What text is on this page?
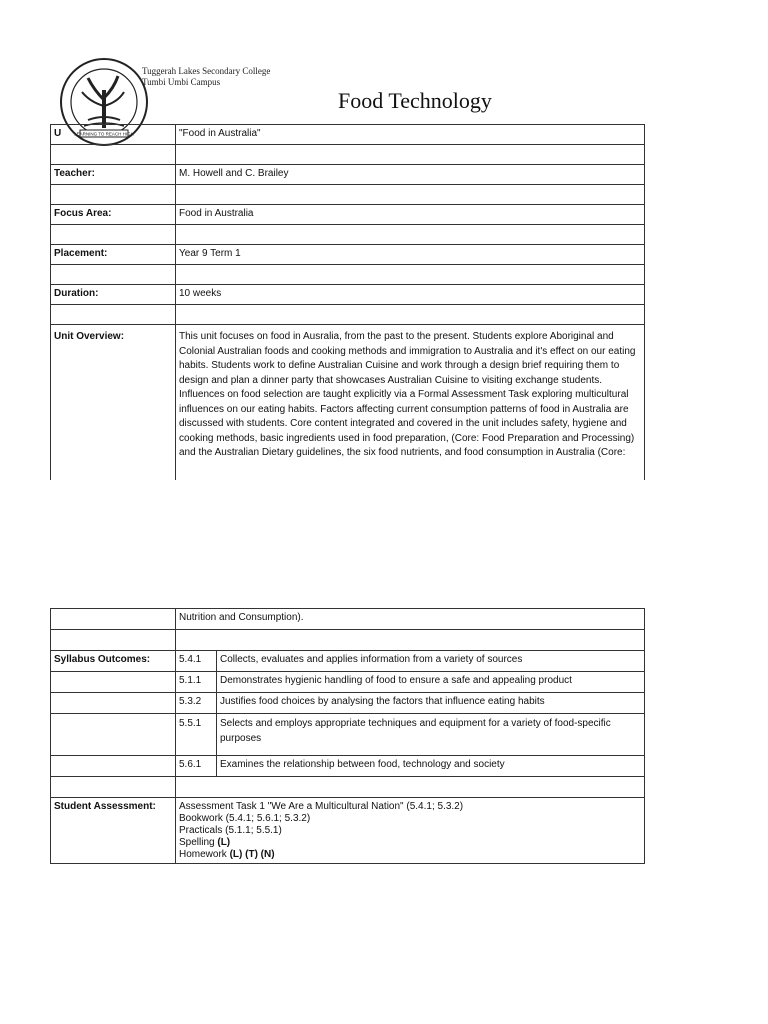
LEARNING TO REACH HIGH
Tuggerah Lakes Secondary College
Tumbi Umbi Campus
Food Technology
U	"Food in Australia"

Teacher:	M. Howell and C. Brailey

Focus Area:	Food in Australia

Placement:	Year 9 Term 1

Duration:	10 weeks

Unit Overview:	This unit focuses on food in Ausralia, from the past to the present. Students explore Aboriginal and Colonial Australian foods and cooking methods and immigration to Australia and it's effect on our eating habits. Students work to define Australian Cuisine and work through a design brief requiring them to design and plan a dinner party that showcases Australian Cuisine to visiting exchange students. Influences on food selection are taught explicitly via a Formal Assessment Task exploring multicultural influences on our eating habits. Factors affecting current consumption patterns of food in Australia are discussed with students. Core content integrated and covered in the unit includes safety, hygiene and cooking methods, basic ingredients used in food preparation, (Core: Food Preparation and Processing) and the Australian Dietary guidelines, the six food nutrients, and food consumption in Australia (Core:
	Nutrition and Consumption).	

Syllabus Outcomes:	5.4.1	Collects, evaluates and applies information from a variety of sources
	5.1.1	Demonstrates hygienic handling of food to ensure a safe and appealing product
	5.3.2	Justifies food choices by analysing the factors that influence eating habits
	5.5.1	Selects and employs appropriate techniques and equipment for a variety of food-specific purposes
	5.6.1	Examines the relationship between food, technology and society

Student Assessment:	Assessment Task 1 "We Are a Multicultural Nation" (5.4.1; 5.3.2)
Bookwork (5.4.1; 5.6.1; 5.3.2)
Practicals (5.1.1; 5.5.1)
Spelling (L)
Homework (L) (T) (N)	
